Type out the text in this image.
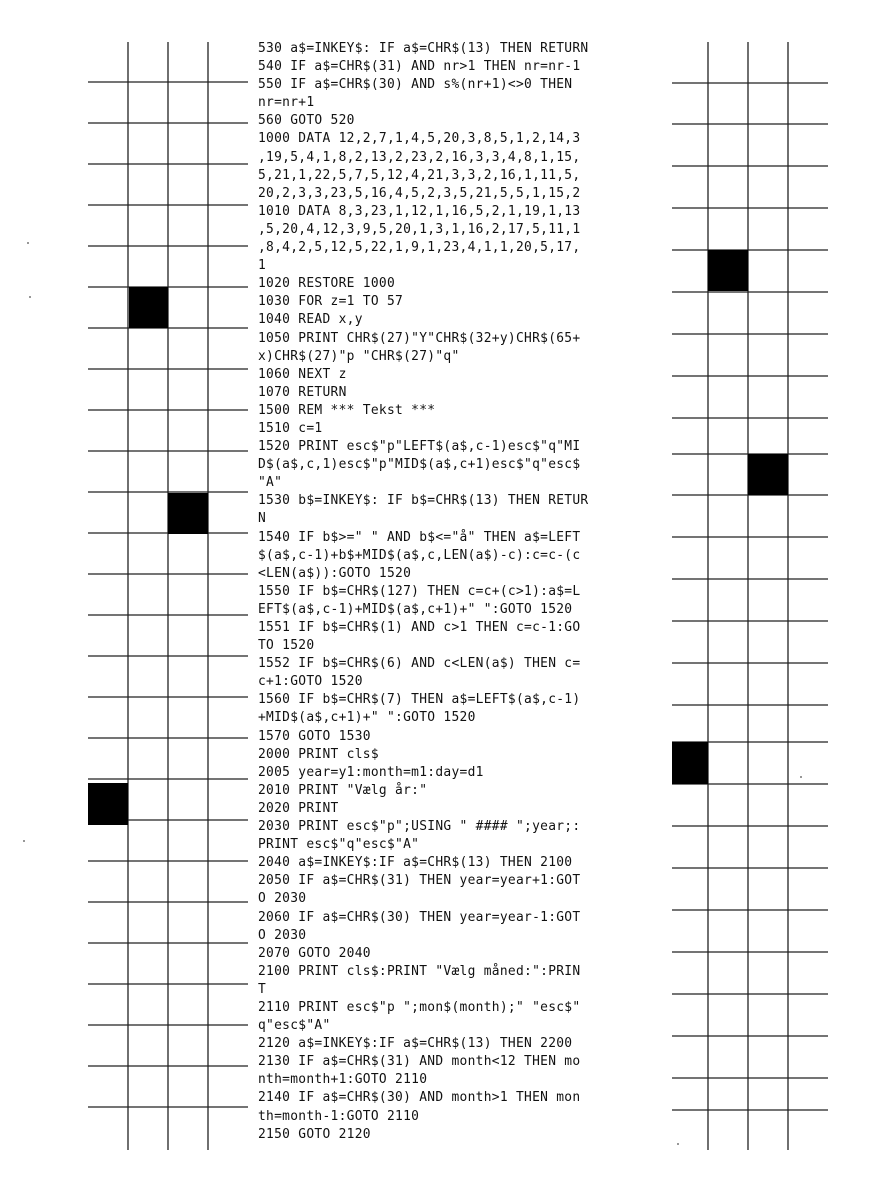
530 a$=INKEY$: IF a$=CHR$(13) THEN RETURN
540 IF a$=CHR$(31) AND nr>1 THEN nr=nr-1
550 IF a$=CHR$(30) AND s%(nr+1)<>0 THEN
nr=nr+1
560 GOTO 520
1000 DATA 12,2,7,1,4,5,20,3,8,5,1,2,14,3
,19,5,4,1,8,2,13,2,23,2,16,3,3,4,8,1,15,
5,21,1,22,5,7,5,12,4,21,3,3,2,16,1,11,5,
20,2,3,3,23,5,16,4,5,2,3,5,21,5,5,1,15,2
1010 DATA 8,3,23,1,12,1,16,5,2,1,19,1,13
,5,20,4,12,3,9,5,20,1,3,1,16,2,17,5,11,1
,8,4,2,5,12,5,22,1,9,1,23,4,1,1,20,5,17,
1
1020 RESTORE 1000
1030 FOR z=1 TO 57
1040 READ x,y
1050 PRINT CHR$(27)"Y"CHR$(32+y)CHR$(65+
x)CHR$(27)"p "CHR$(27)"q"
1060 NEXT z
1070 RETURN
1500 REM *** Tekst ***
1510 c=1
1520 PRINT esc$"p"LEFT$(a$,c-1)esc$"q"MI
D$(a$,c,1)esc$"p"MID$(a$,c+1)esc$"q"esc$
"A"
1530 b$=INKEY$: IF b$=CHR$(13) THEN RETUR
N
1540 IF b$>=" " AND b$<="å" THEN a$=LEFT
$(a$,c-1)+b$+MID$(a$,c,LEN(a$)-c):c=c-(c
<LEN(a$)):GOTO 1520
1550 IF b$=CHR$(127) THEN c=c+(c>1):a$=L
EFT$(a$,c-1)+MID$(a$,c+1)+" ":GOTO 1520
1551 IF b$=CHR$(1) AND c>1 THEN c=c-1:GO
TO 1520
1552 IF b$=CHR$(6) AND c<LEN(a$) THEN c=
c+1:GOTO 1520
1560 IF b$=CHR$(7) THEN a$=LEFT$(a$,c-1)
+MID$(a$,c+1)+" ":GOTO 1520
1570 GOTO 1530
2000 PRINT cls$
2005 year=y1:month=m1:day=d1
2010 PRINT "Vælg år:"
2020 PRINT
2030 PRINT esc$"p";USING " #### ";year;:
PRINT esc$"q"esc$"A"
2040 a$=INKEY$:IF a$=CHR$(13) THEN 2100
2050 IF a$=CHR$(31) THEN year=year+1:GOT
O 2030
2060 IF a$=CHR$(30) THEN year=year-1:GOT
O 2030
2070 GOTO 2040
2100 PRINT cls$:PRINT "Vælg måned:":PRIN
T
2110 PRINT esc$"p ";mon$(month);" "esc$"
q"esc$"A"
2120 a$=INKEY$:IF a$=CHR$(13) THEN 2200
2130 IF a$=CHR$(31) AND month<12 THEN mo
nth=month+1:GOTO 2110
2140 IF a$=CHR$(30) AND month>1 THEN mon
th=month-1:GOTO 2110
2150 GOTO 2120
